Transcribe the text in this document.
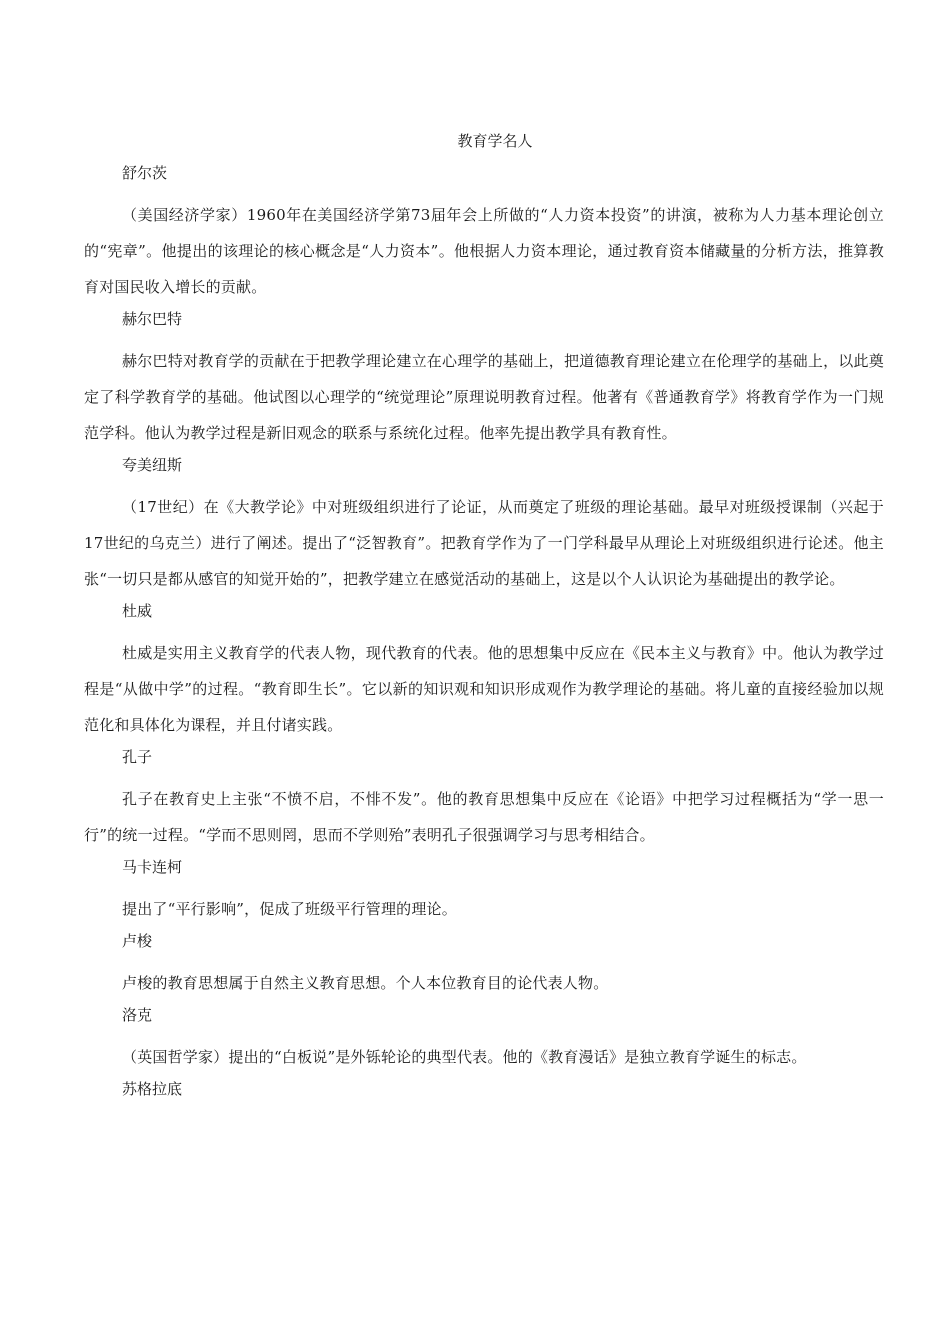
教育学名人
舒尔茨

（美国经济学家）1960年在美国经济学第73届年会上所做的“人力资本投资”的讲演，被称为人力基本理论创立的“宪章”。他提出的该理论的核心概念是“人力资本”。他根据人力资本理论，通过教育资本储藏量的分析方法，推算教育对国民收入增长的贡献。

赫尔巴特

赫尔巴特对教育学的贡献在于把教学理论建立在心理学的基础上，把道德教育理论建立在伦理学的基础上，以此奠定了科学教育学的基础。他试图以心理学的“统觉理论”原理说明教育过程。他著有《普通教育学》将教育学作为一门规范学科。他认为教学过程是新旧观念的联系与系统化过程。他率先提出教学具有教育性。

夸美纽斯

（17世纪）在《大教学论》中对班级组织进行了论证，从而奠定了班级的理论基础。最早对班级授课制（兴起于17世纪的乌克兰）进行了阐述。提出了“泛智教育”。把教育学作为了一门学科最早从理论上对班级组织进行论述。他主张“一切只是都从感官的知觉开始的”，把教学建立在感觉活动的基础上，这是以个人认识论为基础提出的教学论。

杜威

杜威是实用主义教育学的代表人物，现代教育的代表。他的思想集中反应在《民本主义与教育》中。他认为教学过程是“从做中学”的过程。“教育即生长”。它以新的知识观和知识形成观作为教学理论的基础。将儿童的直接经验加以规范化和具体化为课程，并且付诸实践。

孔子

孔子在教育史上主张“不愤不启，不悱不发”。他的教育思想集中反应在《论语》中把学习过程概括为“学一思一行”的统一过程。“学而不思则罔，思而不学则殆”表明孔子很强调学习与思考相结合。

马卡连柯

提出了“平行影响”，促成了班级平行管理的理论。

卢梭

卢梭的教育思想属于自然主义教育思想。个人本位教育目的论代表人物。

洛克

（英国哲学家）提出的“白板说”是外铄轮论的典型代表。他的《教育漫话》是独立教育学诞生的标志。

苏格拉底
